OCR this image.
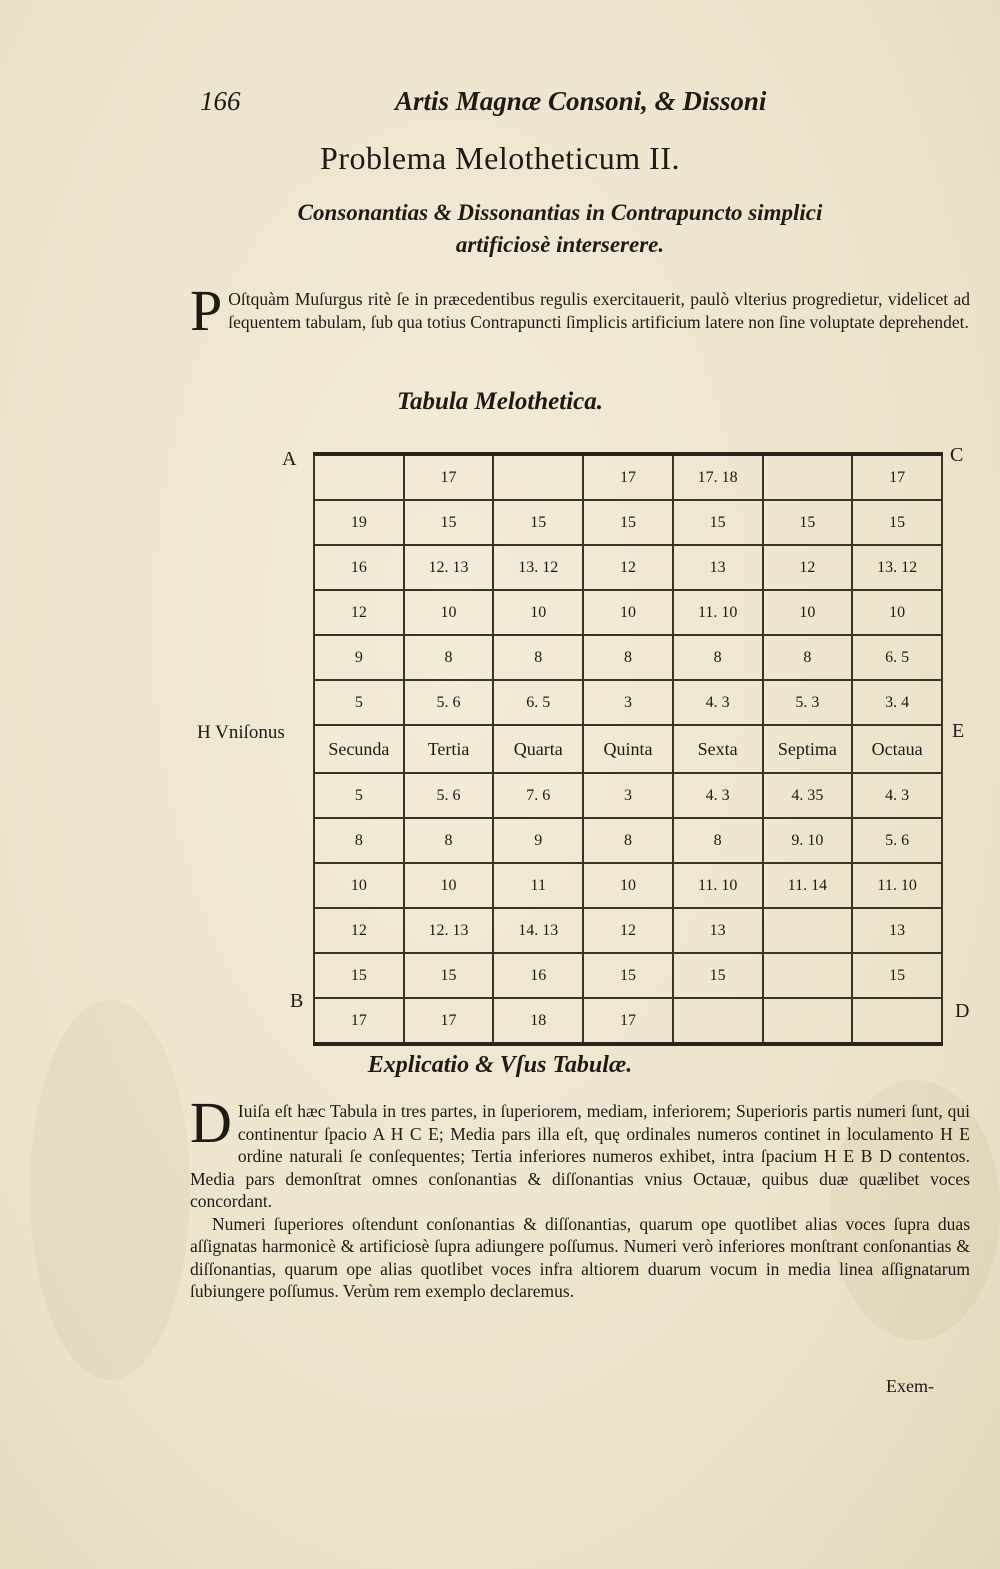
166	Artis Magnæ Consoni, & Dissoni
Problema Melotheticum II.
Consonantias & Dissonantias in Contrapuncto simplici
artificiosè interserere.
P Oſtquàm Muſurgus ritè ſe in præcedentibus regulis exercitauerit, paulò vlterius progredietur, videlicet ad ſequentem tabulam, ſub qua totius Contrapuncti ſimplicis artificium latere non ſine voluptate deprehendet.
Tabula Melothetica.
A	C
E
B	D
H Vniſonus
	17		17	17. 18		17
19	15	15	15	15	15	15
16	12. 13	13. 12	12	13	12	13. 12
12	10	10	10	11. 10	10	10
9	8	8	8	8	8	6. 5
5	5. 6	6. 5	3	4. 3	5. 3	3. 4
Secunda	Tertia	Quarta	Quinta	Sexta	Septima	Octaua
5	5. 6	7. 6	3	4. 3	4. 35	4. 3
8	8	9	8	8	9. 10	5. 6
10	10	11	10	11. 10	11. 14	11. 10
12	12. 13	14. 13	12	13		13
15	15	16	15	15		15
17	17	18	17			
Explicatio & Vſus Tabulæ.
D Iuiſa eſt hæc Tabula in tres partes, in ſuperiorem, mediam, inferiorem; Superioris partis numeri ſunt, qui continentur ſpacio A H C E; Media pars illa eſt, quę ordinales numeros continet in loculamento H E ordine naturali ſe conſequentes; Tertia inferiores numeros exhibet, intra ſpacium H E B D contentos. Media pars demonſtrat omnes conſonantias & diſſonantias vnius Octauæ, quibus duæ quælibet voces concordant.
Numeri ſuperiores oſtendunt conſonantias & diſſonantias, quarum ope quotlibet alias voces ſupra duas aſſignatas harmonicè & artificiosè ſupra adiungere poſſumus. Numeri verò inferiores monſtrant conſonantias & diſſonantias, quarum ope alias quotlibet voces infra altiorem duarum vocum in media linea aſſignatarum ſubiungere poſſumus. Verùm rem exemplo declaremus.
Exem-
